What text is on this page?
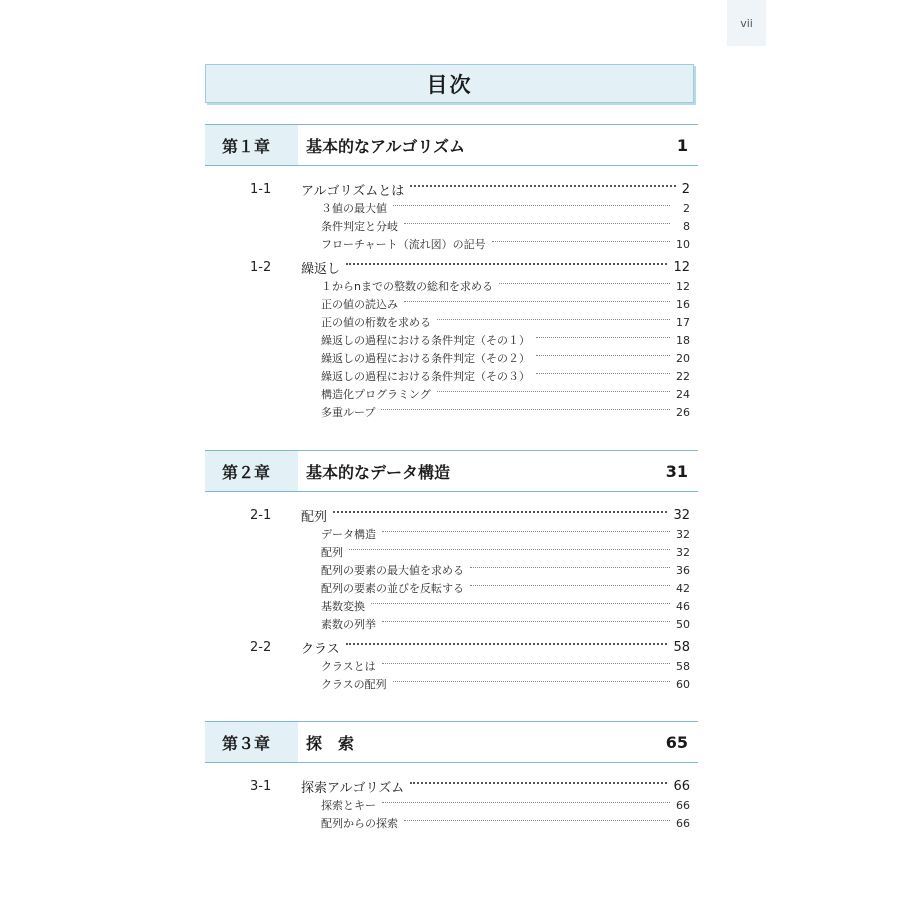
vii
目次
第１章	基本的なアルゴリズム	1
1-1	アルゴリズムとは	2
３値の最大値	2
条件判定と分岐	8
フローチャート（流れ図）の記号	10
1-2	繰返し	12
１からnまでの整数の総和を求める	12
正の値の読込み	16
正の値の桁数を求める	17
繰返しの過程における条件判定（その１）	18
繰返しの過程における条件判定（その２）	20
繰返しの過程における条件判定（その３）	22
構造化プログラミング	24
多重ループ	26
第２章	基本的なデータ構造	31
2-1	配列	32
データ構造	32
配列	32
配列の要素の最大値を求める	36
配列の要素の並びを反転する	42
基数変換	46
素数の列挙	50
2-2	クラス	58
クラスとは	58
クラスの配列	60
第３章	探　索	65
3-1	探索アルゴリズム	66
探索とキー	66
配列からの探索	66
